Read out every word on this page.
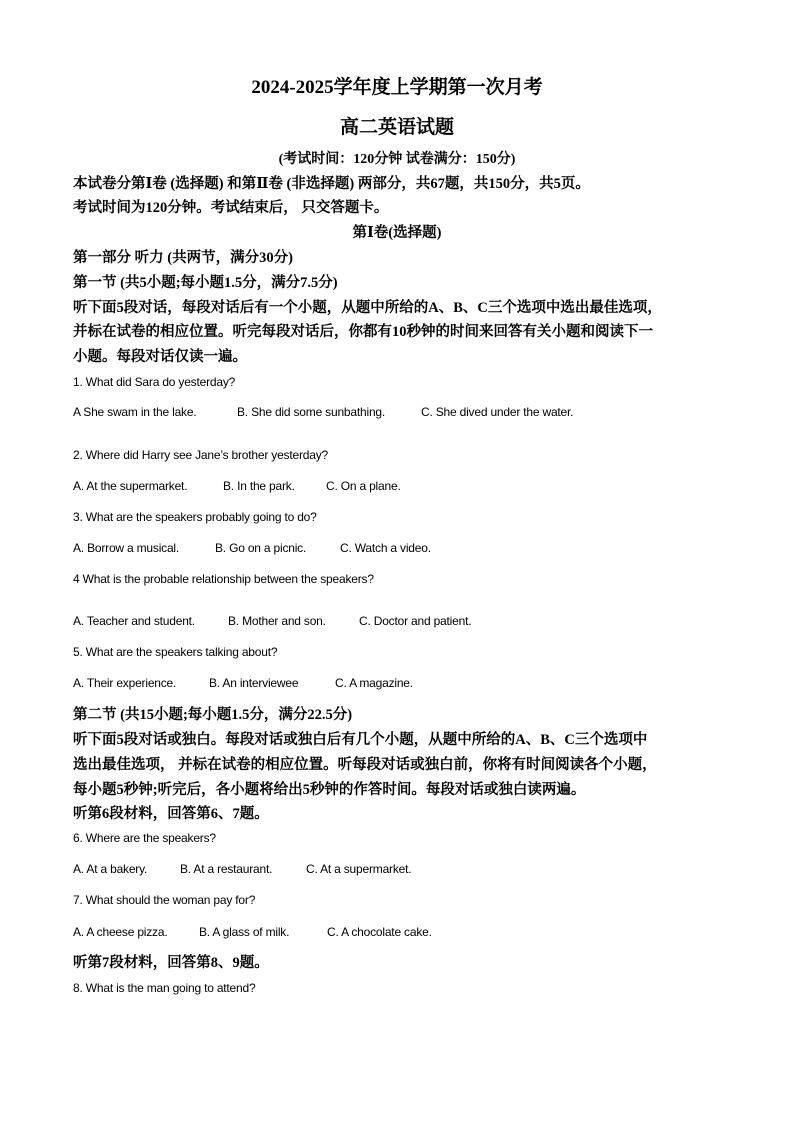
2024-2025学年度上学期第一次月考
高二英语试题
(考试时间：120分钟 试卷满分：150分)
本试卷分第Ⅰ卷 (选择题) 和第Ⅱ卷 (非选择题) 两部分，共67题，共150分，共5页。
考试时间为120分钟。考试结束后， 只交答题卡。
第Ⅰ卷(选择题)
第一部分 听力 (共两节，满分30分)
第一节 (共5小题;每小题1.5分，满分7.5分)
听下面5段对话，每段对话后有一个小题，从题中所给的A、B、C三个选项中选出最佳选项，
并标在试卷的相应位置。听完每段对话后，你都有10秒钟的时间来回答有关小题和阅读下一
小题。每段对话仅读一遍。
1. What did Sara do yesterday?
A She swam in the lake.	B. She did some sunbathing.	C. She dived under the water.
2. Where did Harry see Jane’s brother yesterday?
A. At the supermarket.	B. In the park.	C. On a plane.
3. What are the speakers probably going to do?
A. Borrow a musical.	B. Go on a picnic.	C. Watch a video.
4 What is the probable relationship between the speakers?
A. Teacher and student.	B. Mother and son.	C. Doctor and patient.
5. What are the speakers talking about?
A. Their experience.	B. An interviewee	C. A magazine.
第二节 (共15小题;每小题1.5分，满分22.5分)
听下面5段对话或独白。每段对话或独白后有几个小题，从题中所给的A、B、C三个选项中
选出最佳选项， 并标在试卷的相应位置。听每段对话或独白前，你将有时间阅读各个小题，
每小题5秒钟;听完后，各小题将给出5秒钟的作答时间。每段对话或独白读两遍。
听第6段材料，回答第6、7题。
6. Where are the speakers?
A. At a bakery.	B. At a restaurant.	C. At a supermarket.
7. What should the woman pay for?
A. A cheese pizza.	B. A glass of milk.	C. A chocolate cake.
听第7段材料，回答第8、9题。
8. What is the man going to attend?
